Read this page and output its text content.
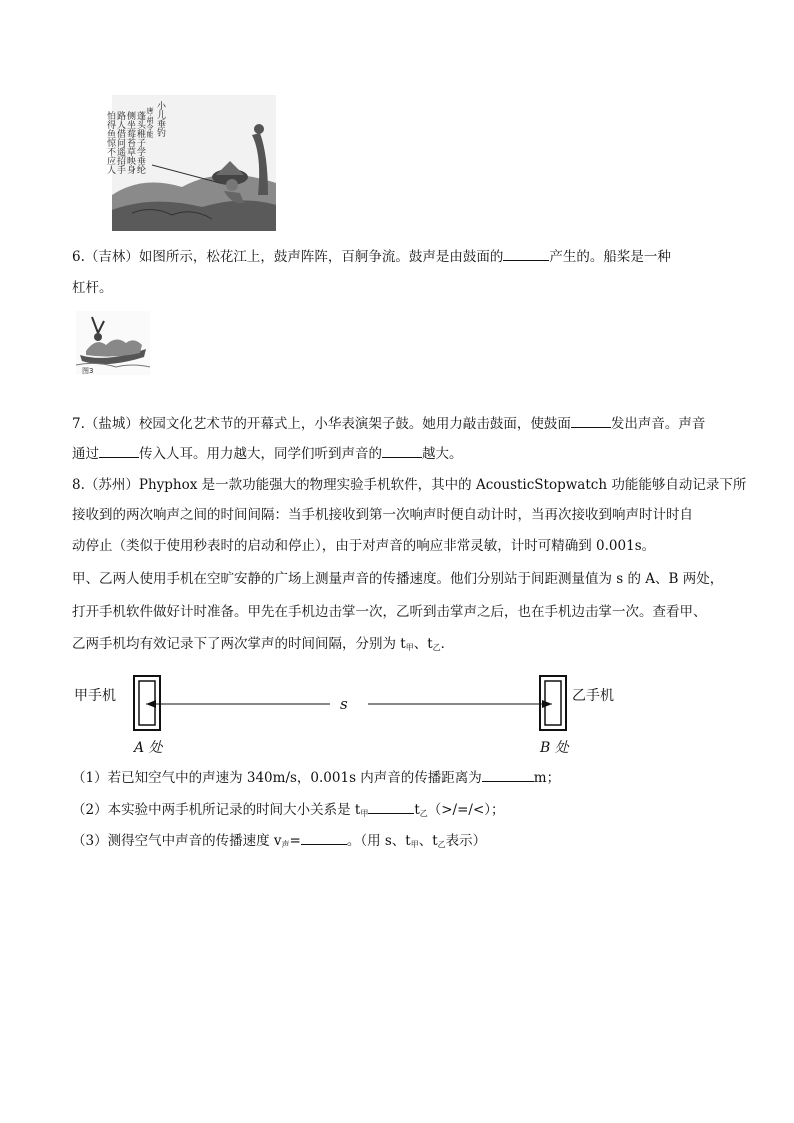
小儿垂钓
唐·胡令能
蓬头稚子学垂纶
侧坐莓苔草映身
路人借问遥招手
怕得鱼惊不应人
6.（吉林）如图所示，松花江上，鼓声阵阵，百舸争流。鼓声是由鼓面的	产生的。船桨是一种
杠杆。
图3
7.（盐城）校园文化艺术节的开幕式上，小华表演架子鼓。她用力敲击鼓面，使鼓面	发出声音。声音
通过	传入人耳。用力越大，同学们听到声音的	越大。
8.（苏州）Phyphox 是一款功能强大的物理实验手机软件，其中的 AcousticStopwatch 功能能够自动记录下所
接收到的两次响声之间的时间间隔：当手机接收到第一次响声时便自动计时，当再次接收到响声时计时自
动停止（类似于使用秒表时的启动和停止），由于对声音的响应非常灵敏，计时可精确到 0.001s。
甲、乙两人使用手机在空旷安静的广场上测量声音的传播速度。他们分别站于间距测量值为 s 的 A、B 两处，
打开手机软件做好计时准备。甲先在手机边击掌一次，乙听到击掌声之后，也在手机边击掌一次。查看甲、
乙两手机均有效记录下了两次掌声的时间间隔，分别为 $t_甲$、$t_乙$．
甲手机	乙手机
s
A 处	B 处
（1）若已知空气中的声速为 340m/s，0.001s 内声音的传播距离为	m；
（2）本实验中两手机所记录的时间大小关系是 $t_甲$	$t_乙(>/=/<)$；
（3）测得空气中声音的传播速度 $v_声=$	。（用 s、$t_甲$、$t_乙$表示）
